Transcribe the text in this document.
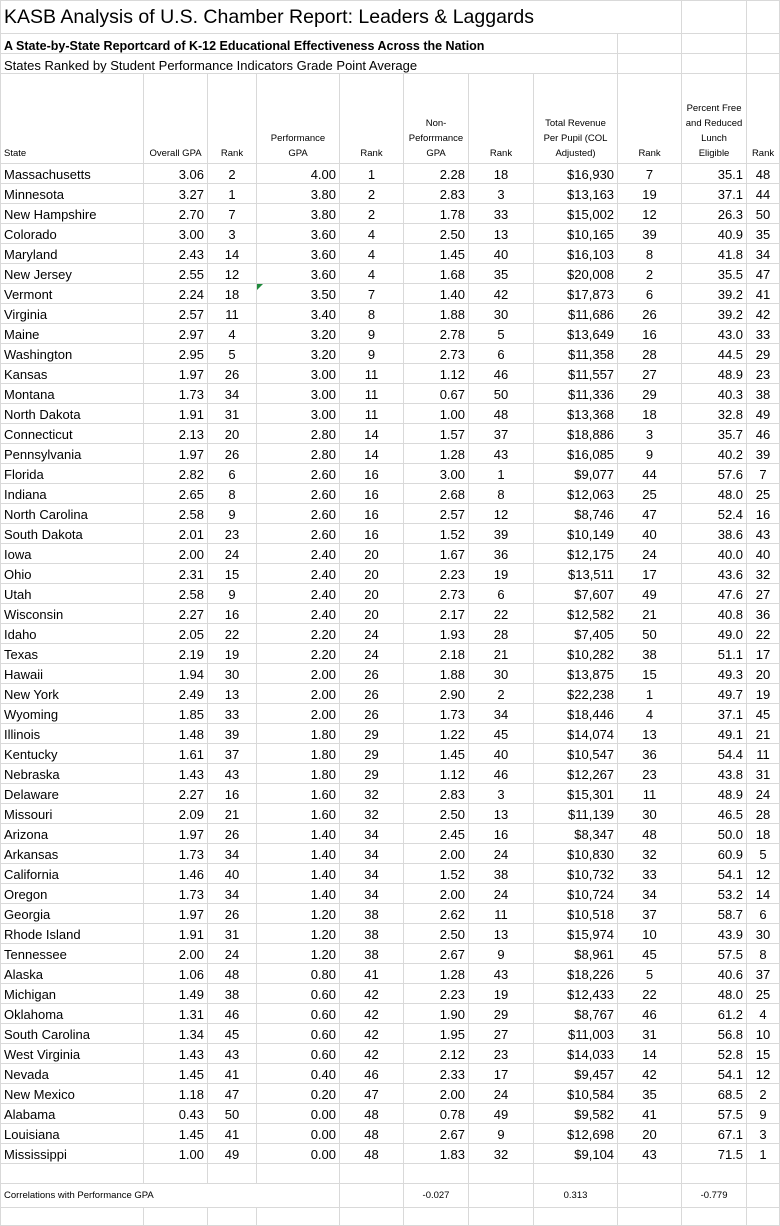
KASB Analysis of U.S. Chamber Report: Leaders & Laggards										
A State-by-State Reportcard of K-12 Educational Effectiveness Across the Nation										
States Ranked by Student Performance Indicators Grade Point Average										
State	Overall GPA	Rank	Performance GPA	Rank	Non-Peforrmance GPA	Rank	Total Revenue Per Pupil (COL Adjusted)	Rank	Percent Free and Reduced Lunch Eligible	Rank
Massachusetts	3.06	2	4.00	1	2.28	18	$16,930	7	35.1	48
Minnesota	3.27	1	3.80	2	2.83	3	$13,163	19	37.1	44
New Hampshire	2.70	7	3.80	2	1.78	33	$15,002	12	26.3	50
Colorado	3.00	3	3.60	4	2.50	13	$10,165	39	40.9	35
Maryland	2.43	14	3.60	4	1.45	40	$16,103	8	41.8	34
New Jersey	2.55	12	3.60	4	1.68	35	$20,008	2	35.5	47
Vermont	2.24	18	3.50	7	1.40	42	$17,873	6	39.2	41
Virginia	2.57	11	3.40	8	1.88	30	$11,686	26	39.2	42
Maine	2.97	4	3.20	9	2.78	5	$13,649	16	43.0	33
Washington	2.95	5	3.20	9	2.73	6	$11,358	28	44.5	29
Kansas	1.97	26	3.00	11	1.12	46	$11,557	27	48.9	23
Montana	1.73	34	3.00	11	0.67	50	$11,336	29	40.3	38
North Dakota	1.91	31	3.00	11	1.00	48	$13,368	18	32.8	49
Connecticut	2.13	20	2.80	14	1.57	37	$18,886	3	35.7	46
Pennsylvania	1.97	26	2.80	14	1.28	43	$16,085	9	40.2	39
Florida	2.82	6	2.60	16	3.00	1	$9,077	44	57.6	7
Indiana	2.65	8	2.60	16	2.68	8	$12,063	25	48.0	25
North Carolina	2.58	9	2.60	16	2.57	12	$8,746	47	52.4	16
South Dakota	2.01	23	2.60	16	1.52	39	$10,149	40	38.6	43
Iowa	2.00	24	2.40	20	1.67	36	$12,175	24	40.0	40
Ohio	2.31	15	2.40	20	2.23	19	$13,511	17	43.6	32
Utah	2.58	9	2.40	20	2.73	6	$7,607	49	47.6	27
Wisconsin	2.27	16	2.40	20	2.17	22	$12,582	21	40.8	36
Idaho	2.05	22	2.20	24	1.93	28	$7,405	50	49.0	22
Texas	2.19	19	2.20	24	2.18	21	$10,282	38	51.1	17
Hawaii	1.94	30	2.00	26	1.88	30	$13,875	15	49.3	20
New York	2.49	13	2.00	26	2.90	2	$22,238	1	49.7	19
Wyoming	1.85	33	2.00	26	1.73	34	$18,446	4	37.1	45
Illinois	1.48	39	1.80	29	1.22	45	$14,074	13	49.1	21
Kentucky	1.61	37	1.80	29	1.45	40	$10,547	36	54.4	11
Nebraska	1.43	43	1.80	29	1.12	46	$12,267	23	43.8	31
Delaware	2.27	16	1.60	32	2.83	3	$15,301	11	48.9	24
Missouri	2.09	21	1.60	32	2.50	13	$11,139	30	46.5	28
Arizona	1.97	26	1.40	34	2.45	16	$8,347	48	50.0	18
Arkansas	1.73	34	1.40	34	2.00	24	$10,830	32	60.9	5
California	1.46	40	1.40	34	1.52	38	$10,732	33	54.1	12
Oregon	1.73	34	1.40	34	2.00	24	$10,724	34	53.2	14
Georgia	1.97	26	1.20	38	2.62	11	$10,518	37	58.7	6
Rhode Island	1.91	31	1.20	38	2.50	13	$15,974	10	43.9	30
Tennessee	2.00	24	1.20	38	2.67	9	$8,961	45	57.5	8
Alaska	1.06	48	0.80	41	1.28	43	$18,226	5	40.6	37
Michigan	1.49	38	0.60	42	2.23	19	$12,433	22	48.0	25
Oklahoma	1.31	46	0.60	42	1.90	29	$8,767	46	61.2	4
South Carolina	1.34	45	0.60	42	1.95	27	$11,003	31	56.8	10
West Virginia	1.43	43	0.60	42	2.12	23	$14,033	14	52.8	15
Nevada	1.45	41	0.40	46	2.33	17	$9,457	42	54.1	12
New Mexico	1.18	47	0.20	47	2.00	24	$10,584	35	68.5	2
Alabama	0.43	50	0.00	48	0.78	49	$9,582	41	57.5	9
Louisiana	1.45	41	0.00	48	2.67	9	$12,698	20	67.1	3
Mississippi	1.00	49	0.00	48	1.83	32	$9,104	43	71.5	1

Correlations with Performance GPA					-0.027		0.313		-0.779	
